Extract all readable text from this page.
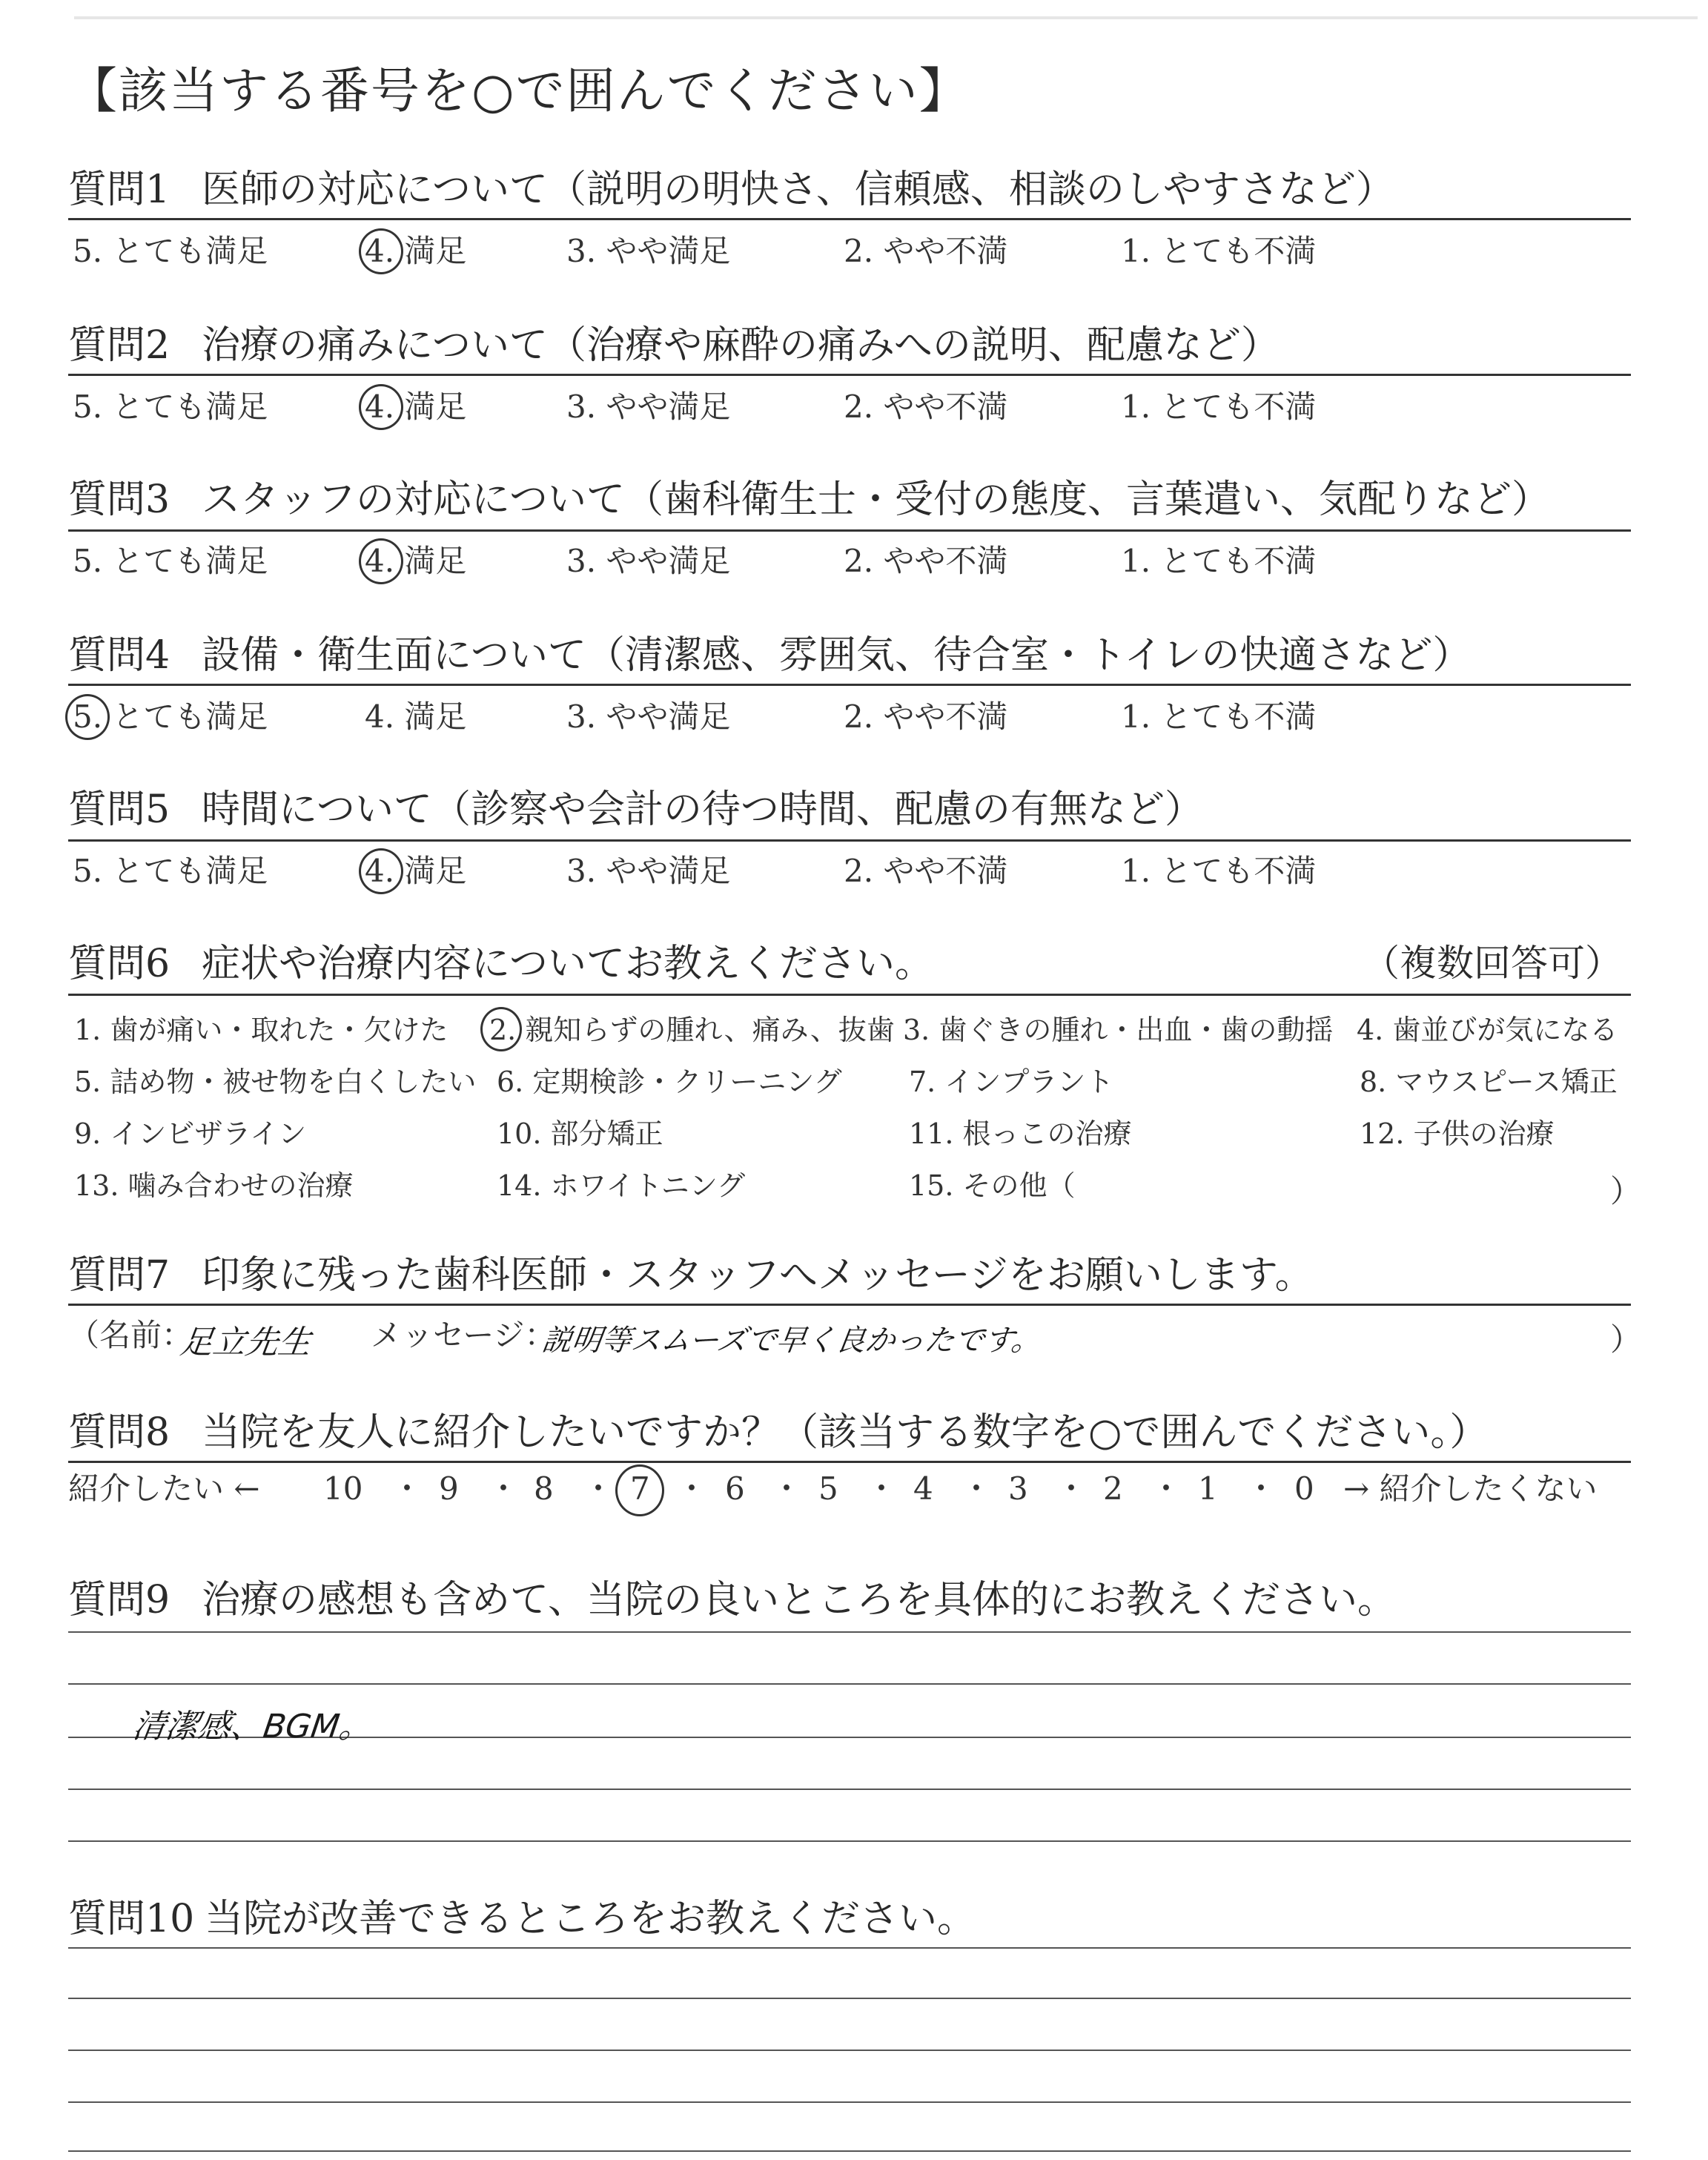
【該当する番号を○で囲んでください】
質問1 医師の対応について（説明の明快さ、信頼感、相談のしやすさなど）
5. とても満足	4. 満足	3. やや満足	2. やや不満	1. とても不満
質問2 治療の痛みについて（治療や麻酔の痛みへの説明、配慮など）
5. とても満足	4. 満足	3. やや満足	2. やや不満	1. とても不満
質問3 スタッフの対応について（歯科衛生士・受付の態度、言葉遣い、気配りなど）
5. とても満足	4. 満足	3. やや満足	2. やや不満	1. とても不満
質問4 設備・衛生面について（清潔感、雰囲気、待合室・トイレの快適さなど）
5. とても満足	4. 満足	3. やや満足	2. やや不満	1. とても不満
質問5 時間について（診察や会計の待つ時間、配慮の有無など）
5. とても満足	4. 満足	3. やや満足	2. やや不満	1. とても不満
質問6 症状や治療内容についてお教えください。	（複数回答可）
1. 歯が痛い・取れた・欠けた 2. 親知らずの腫れ、痛み、抜歯 3. 歯ぐきの腫れ・出血・歯の動揺 4. 歯並びが気になる
5. 詰め物・被せ物を白くしたい 6. 定期検診・クリーニング 7. インプラント	8. マウスピース矯正
9. インビザライン	10. 部分矯正	11. 根っこの治療	12. 子供の治療
13. 噛み合わせの治療	14. ホワイトニング	15. その他（	）
質問7 印象に残った歯科医師・スタッフへメッセージをお願いします。
（名前：
足立先生 メッセージ：
説明等スムーズで早く良かったです。	）
質問8 当院を友人に紹介したいですか？（該当する数字を○で囲んでください。）
紹介したい ← 10 ・ 9 ・ 8 ・ 7 ・ 6 ・ 5 ・ 4 ・ 3 ・ 2 ・ 1 ・ 0 → 紹介したくない
質問9 治療の感想も含めて、当院の良いところを具体的にお教えください。
清潔感、BGM。
質問10 当院が改善できるところをお教えください。
